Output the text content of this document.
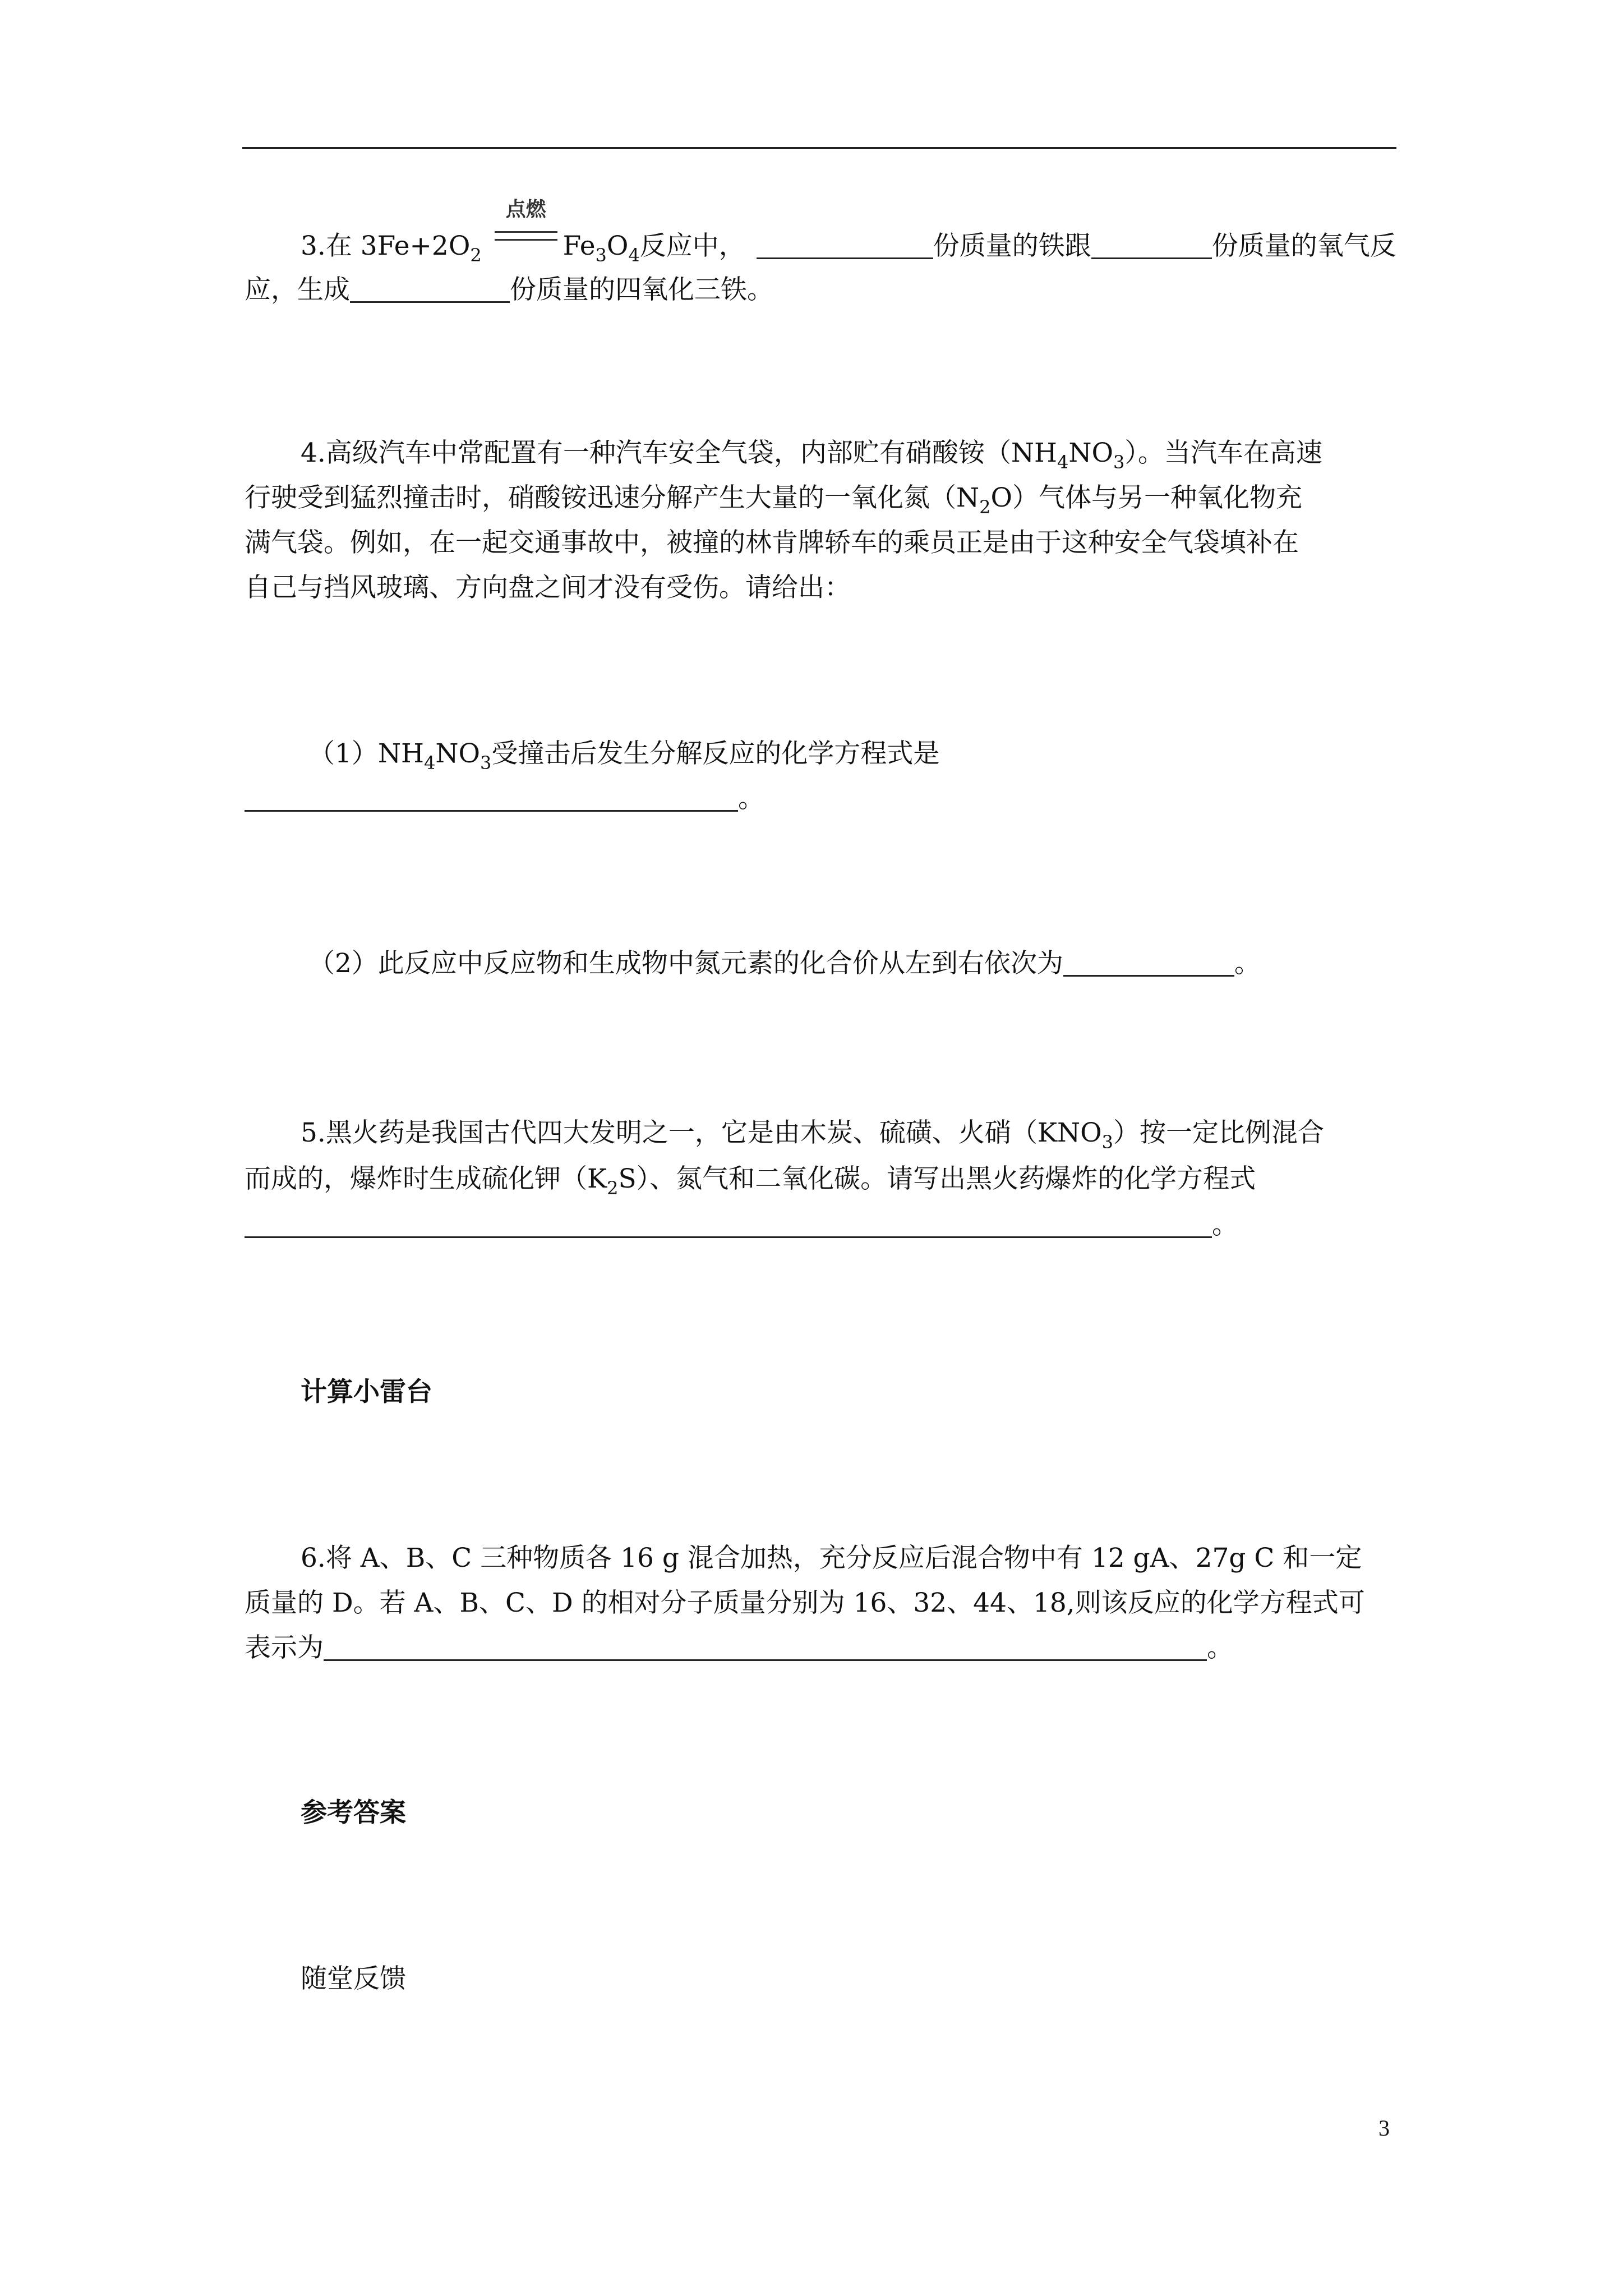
3.在 $3Fe+2O_2$
点燃
$Fe_3O_4$反应中，	份质量的铁跟	份质量的氧气反
应，生成	份质量的四氧化三铁。
4.高级汽车中常配置有一种汽车安全气袋，内部贮有硝酸铵$(NH_4NO_3)$。当汽车在高速
行驶受到猛烈撞击时，硝酸铵迅速分解产生大量的一氧化氮$(N_2O)$气体与另一种氧化物充
满气袋。例如，在一起交通事故中，被撞的林肯牌轿车的乘员正是由于这种安全气袋填补在
自己与挡风玻璃、方向盘之间才没有受伤。请给出：
$(1)NH_4NO_3$受撞击后发生分解反应的化学方程式是
。
（2）此反应中反应物和生成物中氮元素的化合价从左到右依次为	。
5.黑火药是我国古代四大发明之一，它是由木炭、硫磺、火硝$(KNO_3)$按一定比例混合
而成的，爆炸时生成硫化钾$(K_2S)$、氮气和二氧化碳。请写出黑火药爆炸的化学方程式
。
计算小雷台
6.将 A、B、C 三种物质各 16 g 混合加热，充分反应后混合物中有 12 gA、27g C 和一定
质量的 D。若 A、B、C、D 的相对分子质量分别为 16、32、44、18,则该反应的化学方程式可
表示为	。
参考答案
随堂反馈
3
